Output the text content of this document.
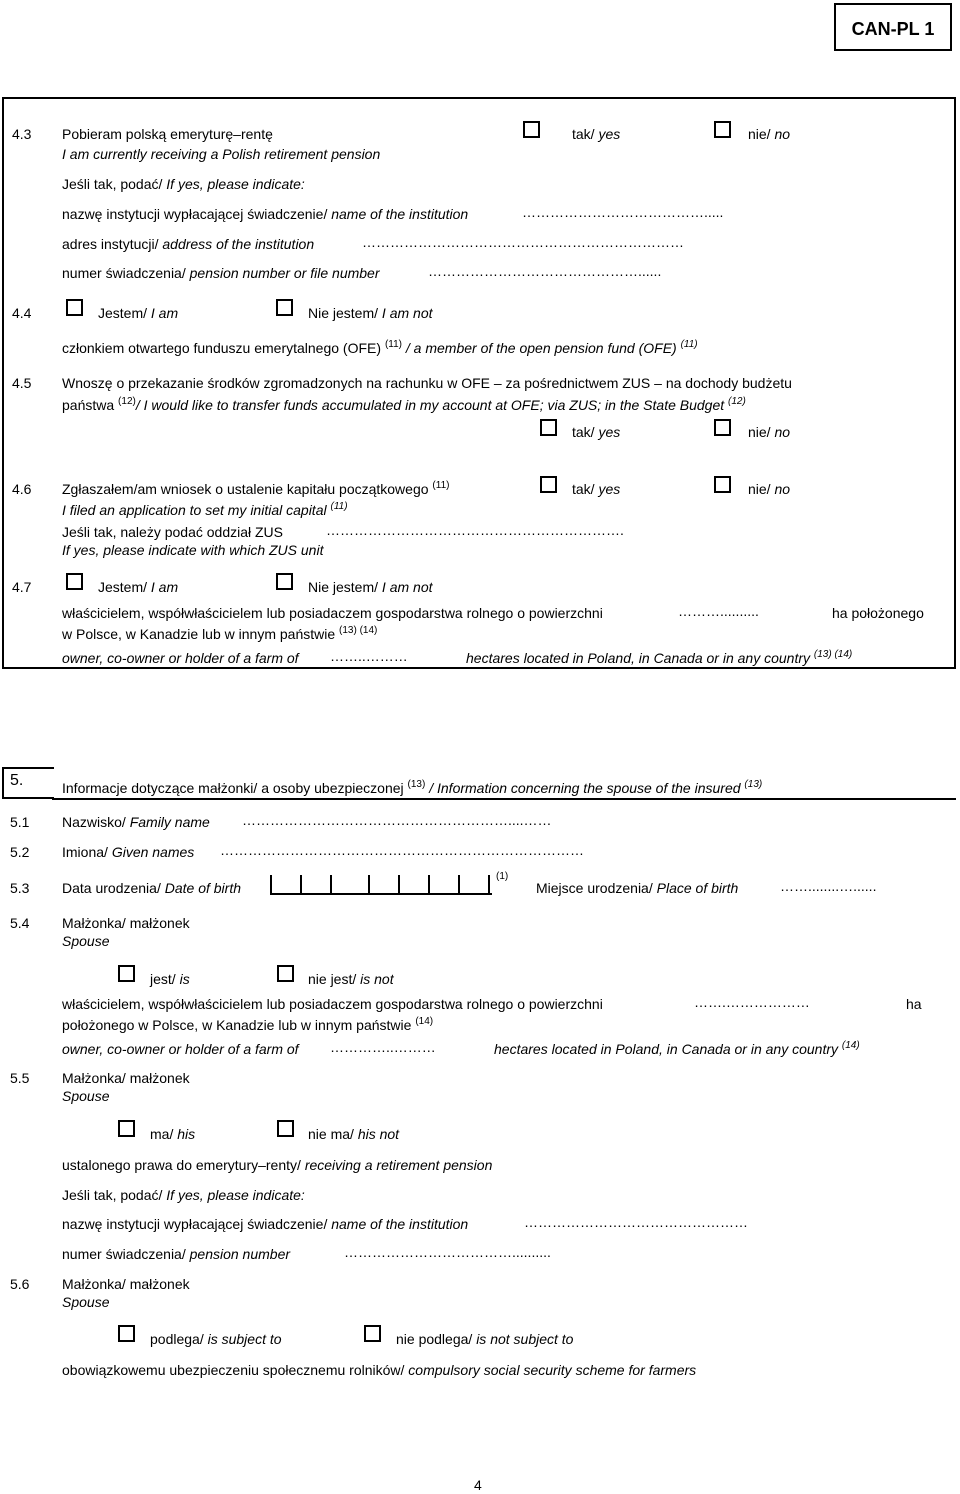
CAN-PL 1
4.3 Pobieram polską emeryturę–rentę
I am currently receiving a Polish retirement pension
tak/ yes	nie/ no
Jeśli tak, podać/ If yes, please indicate:
nazwę instytucji wypłacającej świadczenie/ name of the institution	………………………………….....
adres instytucji/ address of the institution	……………………………………………………………
numer świadczenia/ pension number or file number	………………………………………......
4.4	Jestem/ I am	Nie jestem/ I am not
członkiem otwartego funduszu emerytalnego (OFE) $^{(11)}$ / a member of the open pension fund (OFE) $^{(11)}$
4.5 Wnoszę o przekazanie środków zgromadzonych na rachunku w OFE – za pośrednictwem ZUS – na dochody budżetu
państwa $^{(12)}$/ I would like to transfer funds accumulated in my account at OFE; via ZUS; in the State Budget $^{(12)}$
tak/ yes	nie/ no
4.6 Zgłaszałem/am wniosek o ustalenie kapitału początkowego $^{(11)}$	tak/ yes	nie/ no
I filed an application to set my initial capital $^{(11)}$
Jeśli tak, należy podać oddział ZUS	……………………………………………………….
If yes, please indicate with which ZUS unit
4.7	Jestem/ I am	Nie jestem/ I am not
właścicielem, współwłaścicielem lub posiadaczem gospodarstwa rolnego o powierzchni	………..........	ha położonego
w Polsce, w Kanadzie lub w innym państwie $^{(13) (14)}$
owner, co-owner or holder of a farm of ……..………	hectares located in Poland, in Canada or in any country $^{(13) (14)}$
5.	Informacje dotyczące małżonki/ a osoby ubezpieczonej $^{(13)}$ / Information concerning the spouse of the insured $^{(13)}$
5.1 Nazwisko/ Family name …………………………………………………....……
5.2 Imiona/ Given names ……………………………………………………………………
5.3 Data urodzenia/ Date of birth
$^{(1)}$
Miejsce urodzenia/ Place of birth	……........…......
5.4 Małżonka/ małżonek
Spouse
jest/ is	nie jest/ is not
właścicielem, współwłaścicielem lub posiadaczem gospodarstwa rolnego o powierzchni	…….………………	ha
położonego w Polsce, w Kanadzie lub w innym państwie $^{(14)}$
owner, co-owner or holder of a farm of …………..………	hectares located in Poland, in Canada or in any country $^{(14)}$
5.5 Małżonka/ małżonek
Spouse
ma/ his	nie ma/ his not
ustalonego prawa do emerytury–renty/ receiving a retirement pension
Jeśli tak, podać/ If yes, please indicate:
nazwę instytucji wypłacającej świadczenie/ name of the institution	…………………………………………
numer świadczenia/ pension number	………………………………..........
5.6 Małżonka/ małżonek
Spouse
podlega/ is subject to	nie podlega/ is not subject to
obowiązkowemu ubezpieczeniu społecznemu rolników/ compulsory social security scheme for farmers
4
